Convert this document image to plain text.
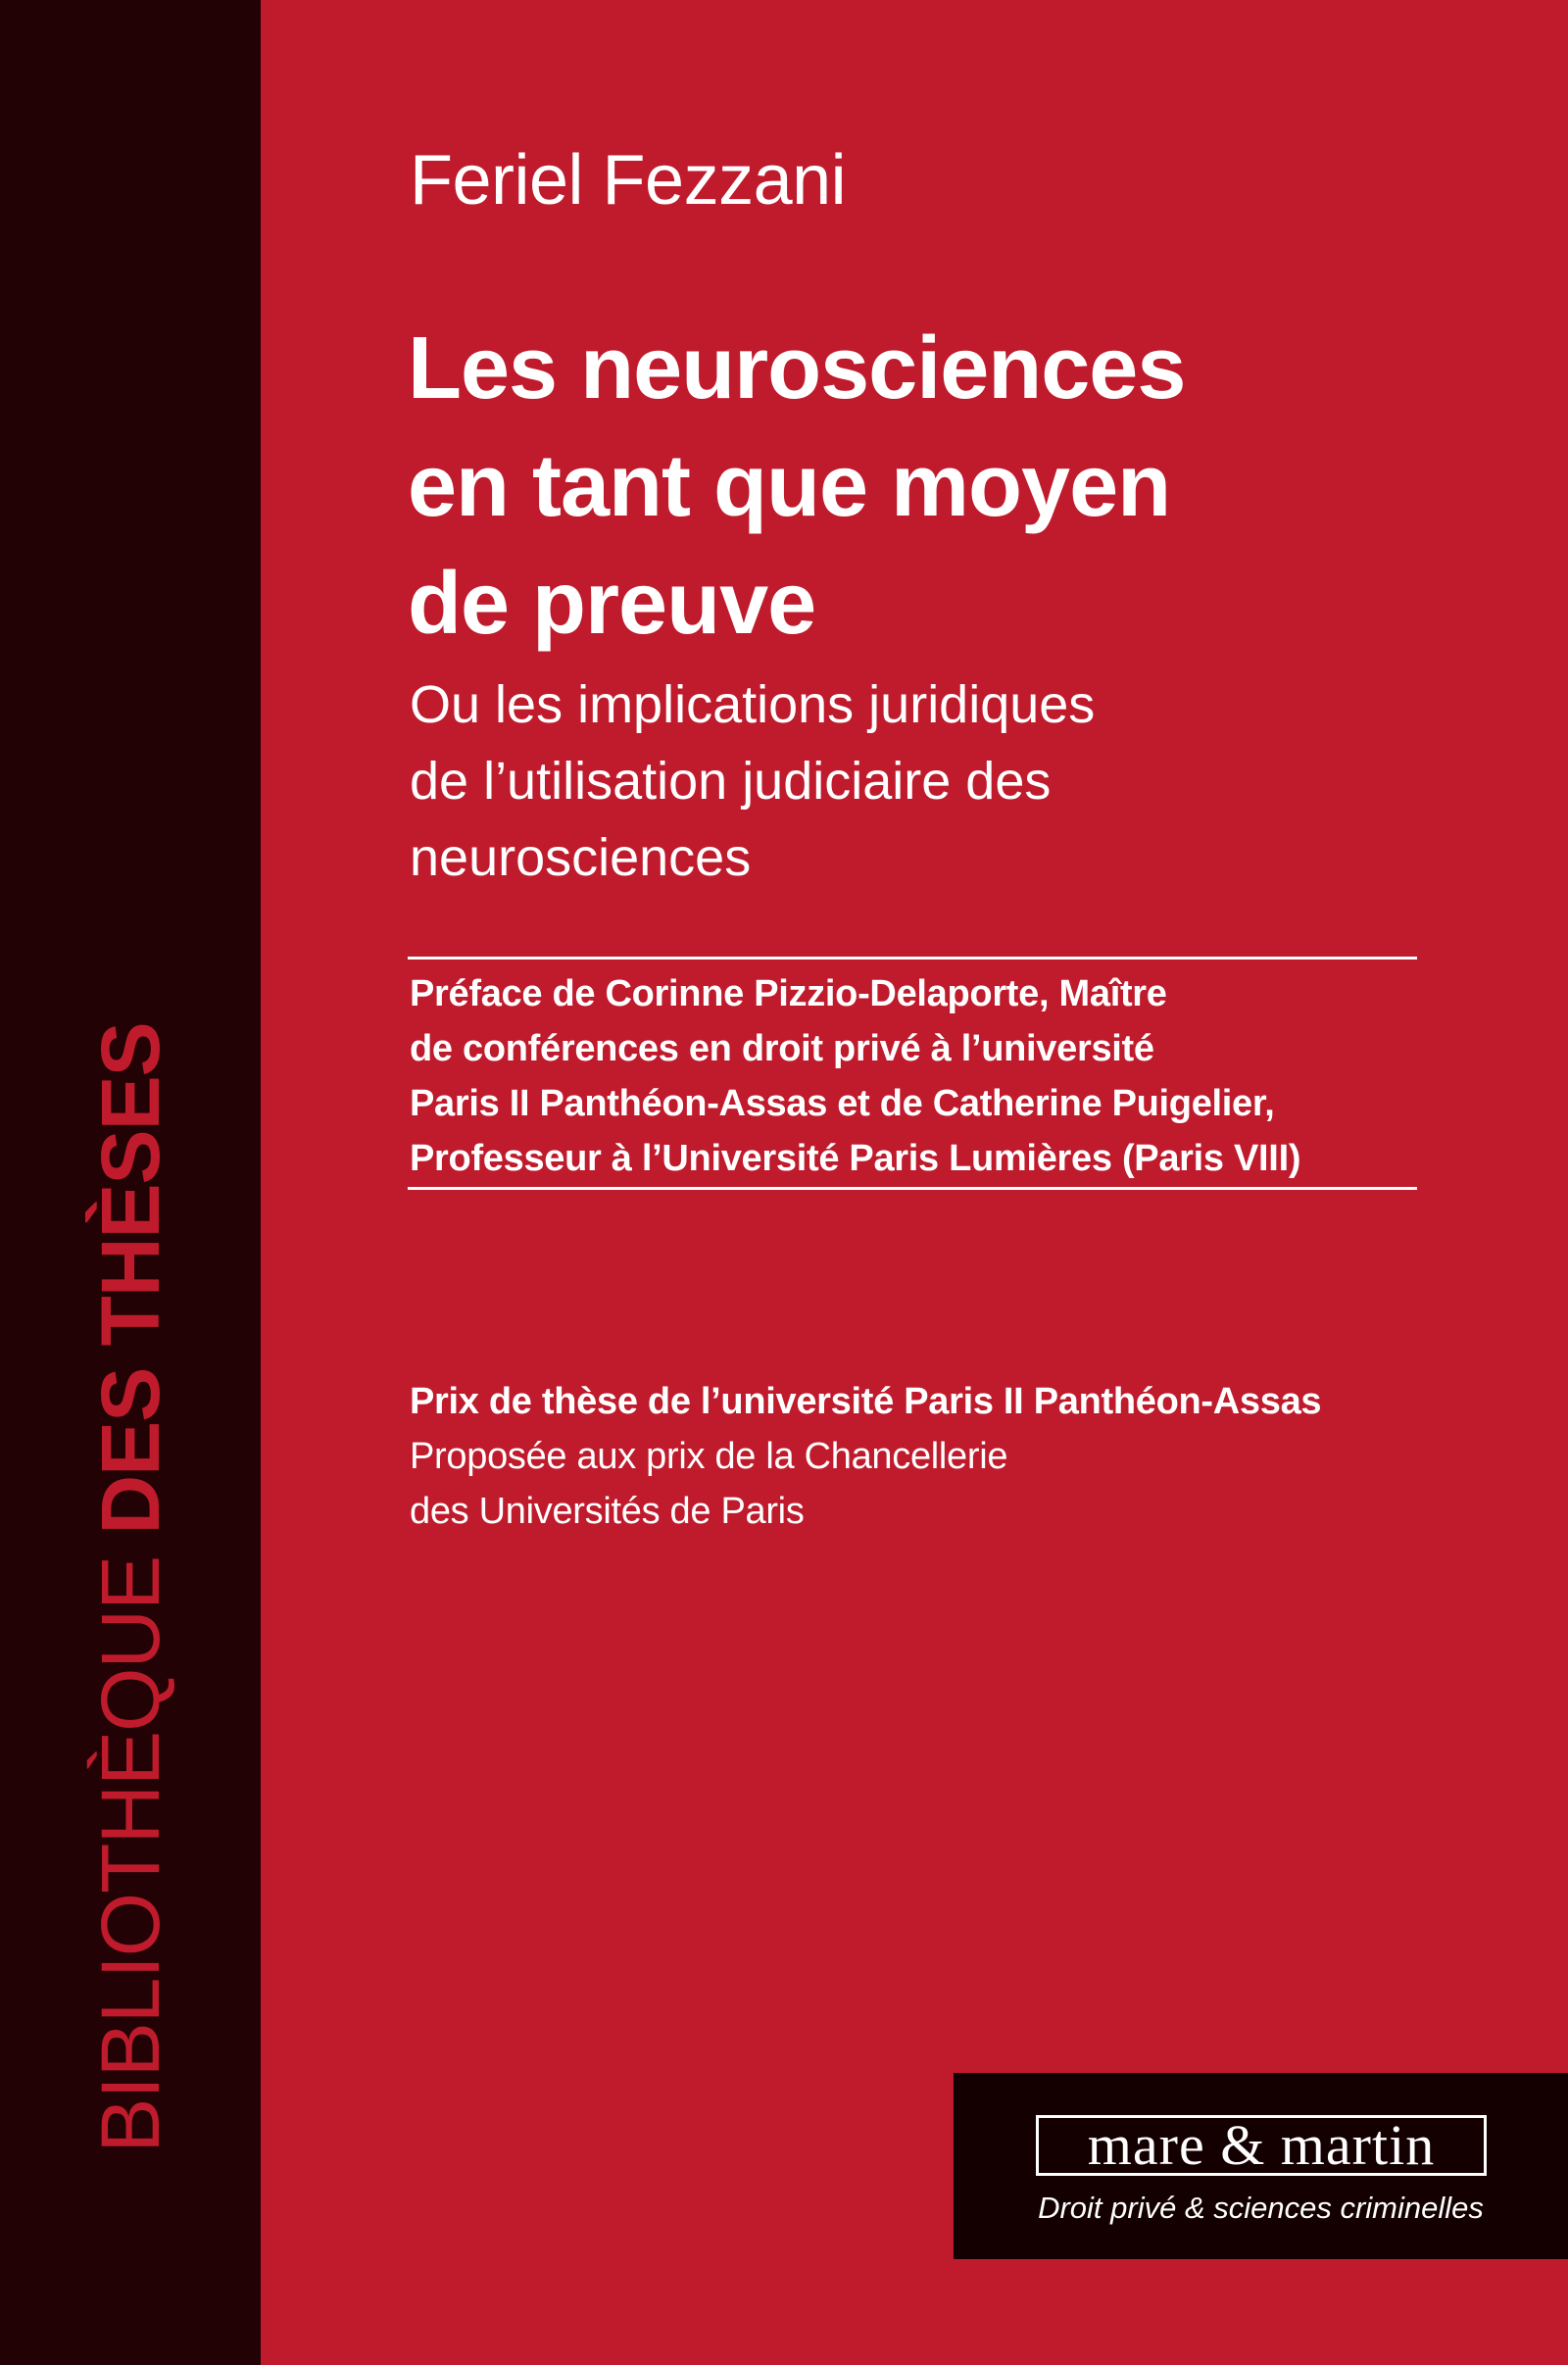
BIBLIOTHÈQUE DES THÈSES
Feriel Fezzani
Les neurosciences
en tant que moyen
de preuve
Ou les implications juridiques
de l’utilisation judiciaire des
neurosciences
Préface de Corinne Pizzio-Delaporte, Maître
de conférences en droit privé à l’université
Paris II Panthéon-Assas et de Catherine Puigelier,
Professeur à l’Université Paris Lumières (Paris VIII)
Prix de thèse de l’université Paris II Panthéon-Assas
Proposée aux prix de la Chancellerie
des Universités de Paris
mare & martin
Droit privé & sciences criminelles
